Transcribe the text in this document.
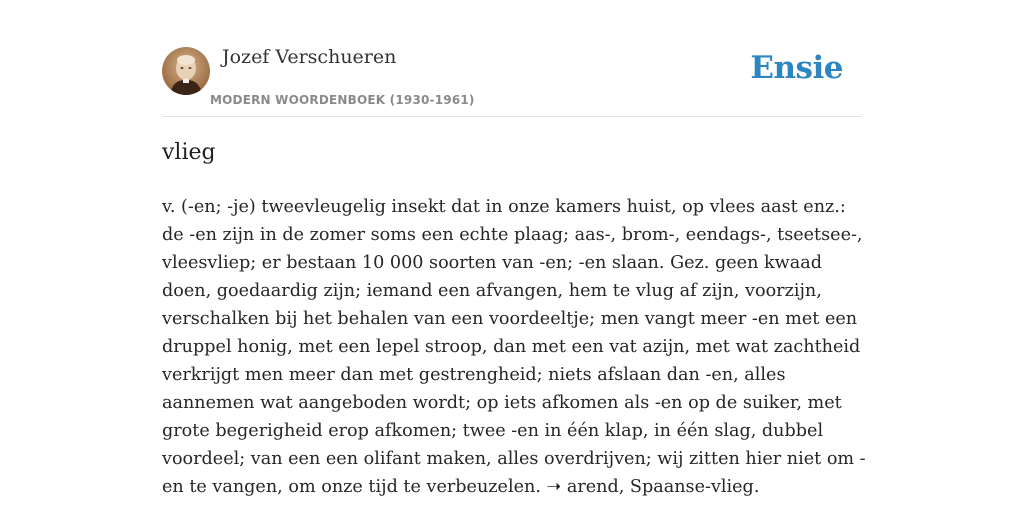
Jozef Verschueren
MODERN WOORDENBOEK (1930-1961)
Ensie
vlieg

v. (-en; -je) tweevleugelig insekt dat in onze kamers huist, op vlees aast enz.: de -en zijn in de zomer soms een echte plaag; aas-, brom-, eendags-, tseetsee-, vleesvliep; er bestaan 10 000 soorten van -en; -en slaan. Gez. geen kwaad doen, goedaardig zijn; iemand een afvangen, hem te vlug af zijn, voorzijn, verschalken bij het behalen van een voordeeltje; men vangt meer -en met een druppel honig, met een lepel stroop, dan met een vat azijn, met wat zachtheid verkrijgt men meer dan met gestrengheid; niets afslaan dan -en, alles aannemen wat aangeboden wordt; op iets afkomen als -en op de suiker, met grote begerigheid erop afkomen; twee -en in één klap, in één slag, dubbel voordeel; van een een olifant maken, alles overdrijven; wij zitten hier niet om -en te vangen, om onze tijd te verbeuzelen. ➝ arend, Spaanse-vlieg.
